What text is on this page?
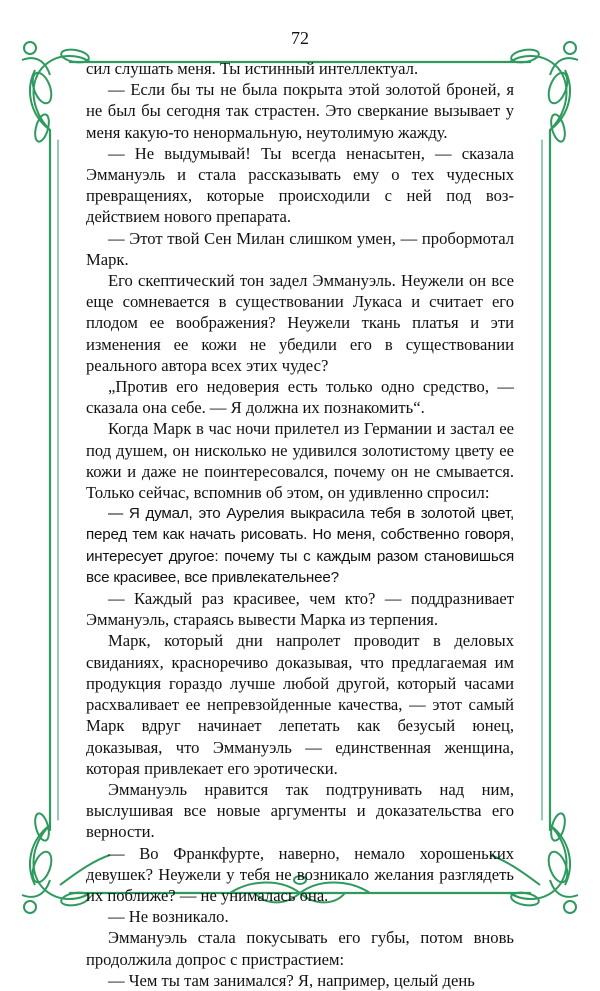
72

сил слушать меня. Ты истинный интеллектуал.

— Если бы ты не была покрыта этой золотой броней, я не был бы сегодня так страстен. Это сверкание вызывает у меня какую-то ненормальную, неутолимую жажду.

— Не выдумывай! Ты всегда ненасытен, — сказала Эммануэль и стала рассказывать ему о тех чудесных превращениях, которые происходили с ней под воздействием нового препарата.

— Этот твой Сен Милан слишком умен, — пробормотал Марк.

Его скептический тон задел Эммануэль. Неужели он все еще сомневается в существовании Лукаса и считает его плодом ее воображения? Неужели ткань платья и эти изменения ее кожи не убедили его в существовании реального автора всех этих чудес?

„Против его недоверия есть только одно средство, — сказала она себе. — Я должна их познакомить“.

Когда Марк в час ночи прилетел из Германии и застал ее под душем, он нисколько не удивился золотистому цвету ее кожи и даже не поинтересовался, почему он не смывается. Только сейчас, вспомнив об этом, он удивленно спросил:

— Я думал, это Аурелия выкрасила тебя в золотой цвет, перед тем как начать рисовать. Но меня, собственно говоря, интересует другое: почему ты с каждым разом становишься все красивее, все привлекательнее?

— Каждый раз красивее, чем кто? — поддразнивает Эммануэль, стараясь вывести Марка из терпения.

Марк, который дни напролет проводит в деловых свиданиях, красноречиво доказывая, что предлагаемая им продукция гораздо лучше любой другой, который часами расхваливает ее непревзойденные качества, — этот самый Марк вдруг начинает лепетать как безусый юнец, доказывая, что Эммануэль — единственная женщина, которая привлекает его эротически.

Эммануэль нравится так подтрунивать над ним, выслушивая все новые аргументы и доказательства его верности.

— Во Франкфурте, наверно, немало хорошеньких девушек? Неужели у тебя не возникало желания разглядеть их поближе? — не унималась она.

— Не возникало.

Эммануэль стала покусывать его губы, потом вновь продолжила допрос с пристрастием:

— Чем ты там занимался? Я, например, целый день
